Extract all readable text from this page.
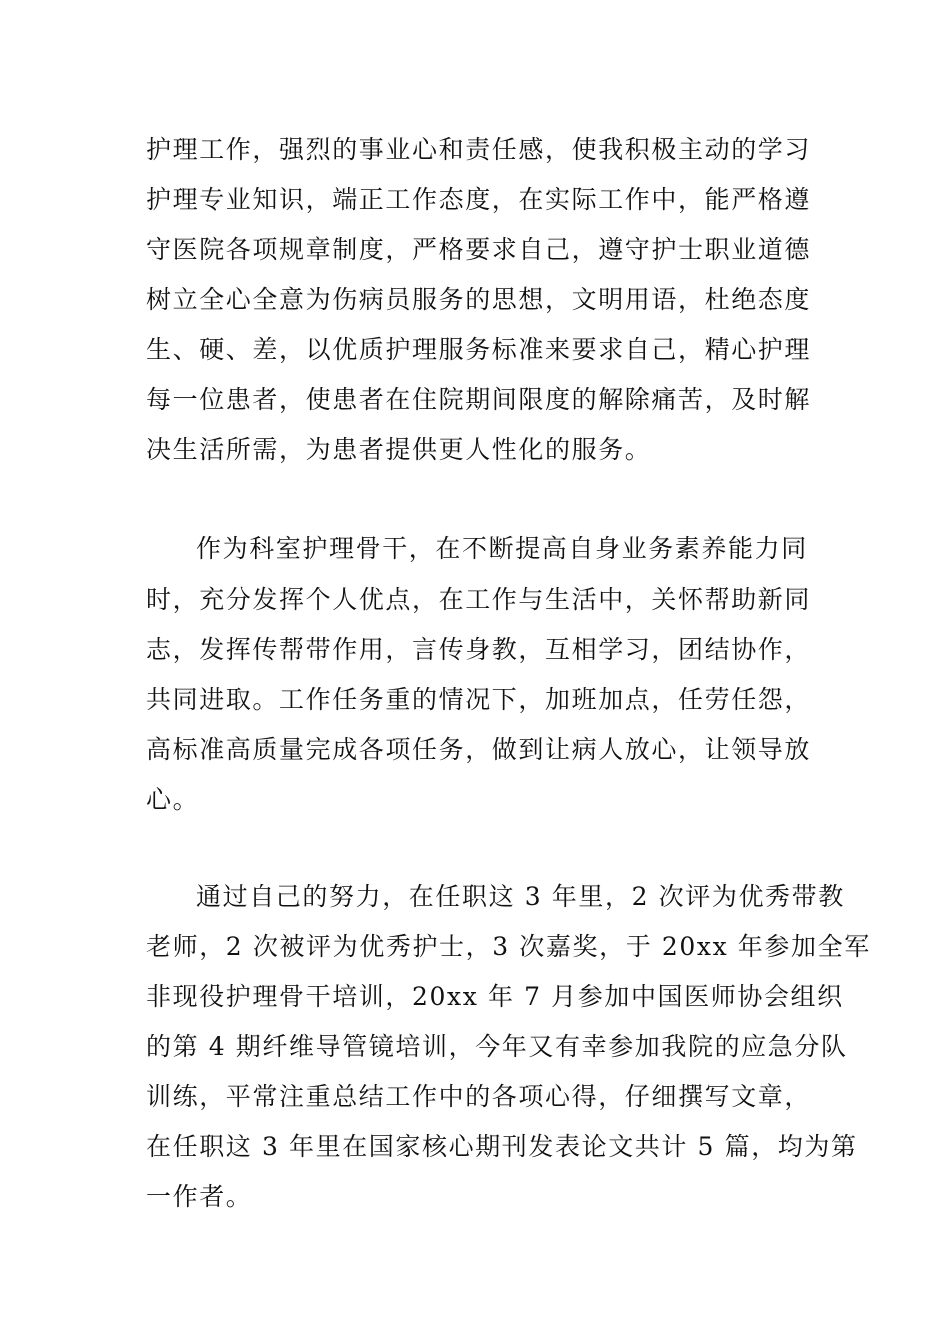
护理工作，强烈的事业心和责任感，使我积极主动的学习
护理专业知识，端正工作态度，在实际工作中，能严格遵
守医院各项规章制度，严格要求自己，遵守护士职业道德
树立全心全意为伤病员服务的思想，文明用语，杜绝态度
生、硬、差，以优质护理服务标准来要求自己，精心护理
每一位患者，使患者在住院期间限度的解除痛苦，及时解
决生活所需，为患者提供更人性化的服务。
作为科室护理骨干，在不断提高自身业务素养能力同
时，充分发挥个人优点，在工作与生活中，关怀帮助新同
志，发挥传帮带作用，言传身教，互相学习，团结协作，
共同进取。工作任务重的情况下，加班加点，任劳任怨，
高标准高质量完成各项任务，做到让病人放心，让领导放
心。
通过自己的努力，在任职这 3 年里，2 次评为优秀带教
老师，2 次被评为优秀护士，3 次嘉奖，于 20xx 年参加全军
非现役护理骨干培训，20xx 年 7 月参加中国医师协会组织
的第 4 期纤维导管镜培训，今年又有幸参加我院的应急分队
训练，平常注重总结工作中的各项心得，仔细撰写文章，
在任职这 3 年里在国家核心期刊发表论文共计 5 篇，均为第
一作者。
